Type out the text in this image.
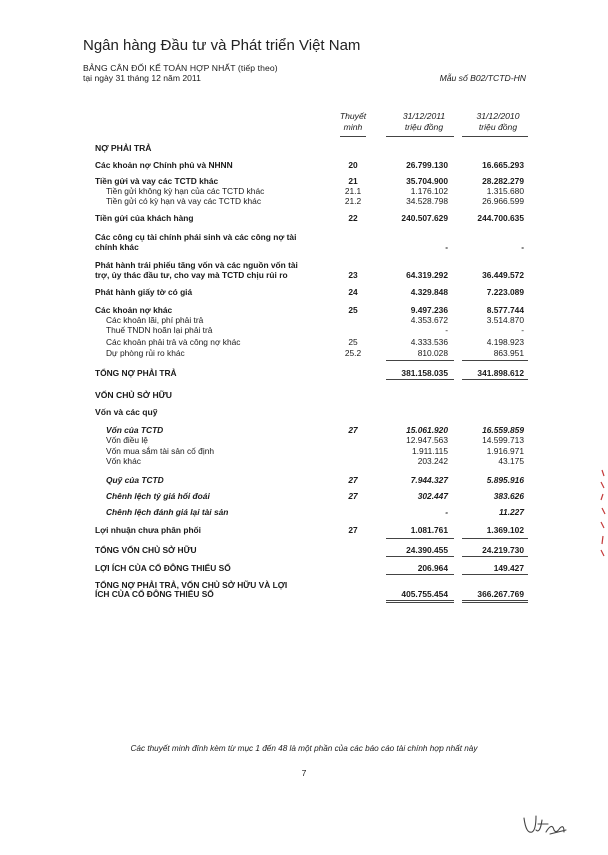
Ngân hàng Đầu tư và Phát triển Việt Nam
BẢNG CÂN ĐỐI KẾ TOÁN HỢP NHẤT (tiếp theo)
tại ngày 31 tháng 12 năm 2011	Mẫu số B02/TCTD-HN
Thuyết
minh
31/12/2011
triệu đồng
31/12/2010
triệu đồng
NỢ PHẢI TRẢ
Các khoản nợ Chính phủ và NHNN	20	26.799.130	16.665.293
Tiền gửi và vay các TCTD khác	21	35.704.900	28.282.279
Tiền gửi không kỳ hạn của các TCTD khác	21.1	1.176.102	1.315.680
Tiền gửi có kỳ hạn và vay các TCTD khác	21.2	34.528.798	26.966.599
Tiền gửi của khách hàng	22	240.507.629	244.700.635
Các công cụ tài chính phái sinh và các công nợ tài
chính khác	-	-
Phát hành trái phiếu tăng vốn và các nguồn vốn tài
trợ, ủy thác đầu tư, cho vay mà TCTD chịu rủi ro	23	64.319.292	36.449.572
Phát hành giấy tờ có giá	24	4.329.848	7.223.089
Các khoản nợ khác	25	9.497.236	8.577.744
Các khoản lãi, phí phải trả	4.353.672	3.514.870
Thuế TNDN hoãn lại phải trả	-	-
Các khoản phải trả và công nợ khác	25	4.333.536	4.198.923
Dự phòng rủi ro khác	25.2	810.028	863.951
TỔNG NỢ PHẢI TRẢ	381.158.035	341.898.612
VỐN CHỦ SỞ HỮU
Vốn và các quỹ
Vốn của TCTD	27	15.061.920	16.559.859
Vốn điều lệ	12.947.563	14.599.713
Vốn mua sắm tài sản cố định	1.911.115	1.916.971
Vốn khác	203.242	43.175
Quỹ của TCTD	27	7.944.327	5.895.916
Chênh lệch tỷ giá hối đoái	27	302.447	383.626
Chênh lệch đánh giá lại tài sản	-	11.227
Lợi nhuận chưa phân phối	27	1.081.761	1.369.102
TỔNG VỐN CHỦ SỞ HỮU	24.390.455	24.219.730
LỢI ÍCH CỦA CỔ ĐÔNG THIỂU SỐ	206.964	149.427
TỔNG NỢ PHẢI TRẢ, VỐN CHỦ SỞ HỮU VÀ LỢI
ÍCH CỦA CỔ ĐÔNG THIỂU SỐ	405.755.454	366.267.769
Các thuyết minh đính kèm từ mục 1 đến 48 là một phần của các báo cáo tài chính hợp nhất này
7
